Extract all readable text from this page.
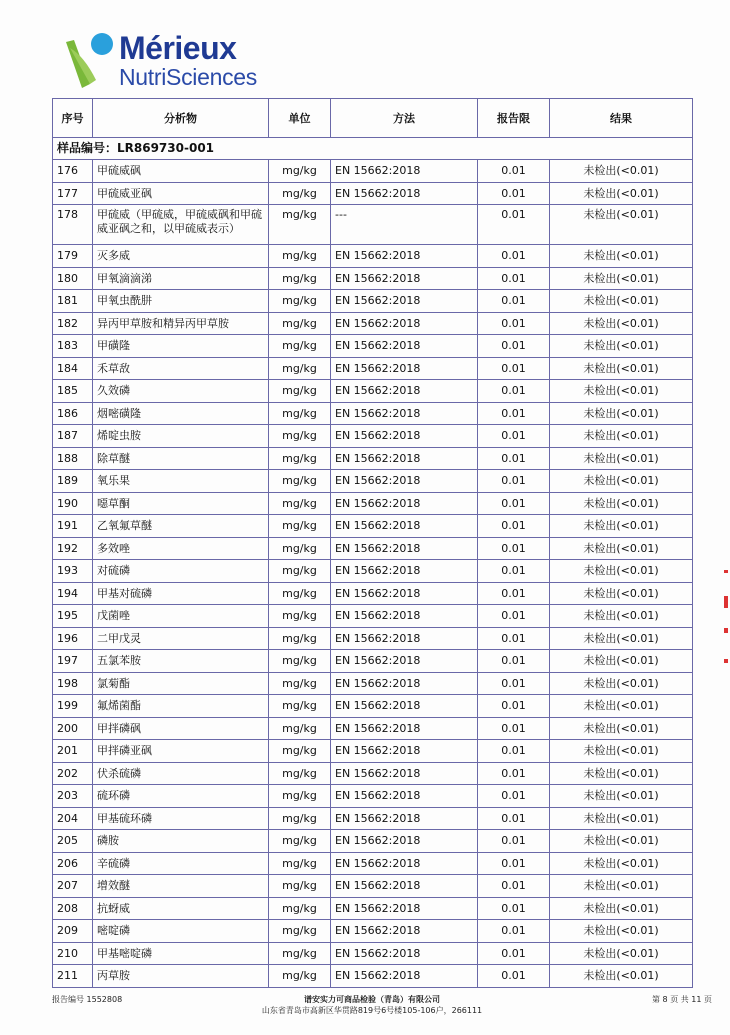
Mérieux
NutriSciences
序号	分析物	单位	方法	报告限	结果
样品编号：LR869730-001					
176	甲硫威砜	mg/kg	EN 15662:2018	0.01	未检出(<0.01)
177	甲硫威亚砜	mg/kg	EN 15662:2018	0.01	未检出(<0.01)
178	甲硫威（甲硫威，甲硫威砜和甲硫威亚砜之和，以甲硫威表示）	mg/kg	---	0.01	未检出(<0.01)
179	灭多威	mg/kg	EN 15662:2018	0.01	未检出(<0.01)
180	甲氧滴滴涕	mg/kg	EN 15662:2018	0.01	未检出(<0.01)
181	甲氧虫酰肼	mg/kg	EN 15662:2018	0.01	未检出(<0.01)
182	异丙甲草胺和精异丙甲草胺	mg/kg	EN 15662:2018	0.01	未检出(<0.01)
183	甲磺隆	mg/kg	EN 15662:2018	0.01	未检出(<0.01)
184	禾草敌	mg/kg	EN 15662:2018	0.01	未检出(<0.01)
185	久效磷	mg/kg	EN 15662:2018	0.01	未检出(<0.01)
186	烟嘧磺隆	mg/kg	EN 15662:2018	0.01	未检出(<0.01)
187	烯啶虫胺	mg/kg	EN 15662:2018	0.01	未检出(<0.01)
188	除草醚	mg/kg	EN 15662:2018	0.01	未检出(<0.01)
189	氧乐果	mg/kg	EN 15662:2018	0.01	未检出(<0.01)
190	噁草酮	mg/kg	EN 15662:2018	0.01	未检出(<0.01)
191	乙氧氟草醚	mg/kg	EN 15662:2018	0.01	未检出(<0.01)
192	多效唑	mg/kg	EN 15662:2018	0.01	未检出(<0.01)
193	对硫磷	mg/kg	EN 15662:2018	0.01	未检出(<0.01)
194	甲基对硫磷	mg/kg	EN 15662:2018	0.01	未检出(<0.01)
195	戊菌唑	mg/kg	EN 15662:2018	0.01	未检出(<0.01)
196	二甲戊灵	mg/kg	EN 15662:2018	0.01	未检出(<0.01)
197	五氯苯胺	mg/kg	EN 15662:2018	0.01	未检出(<0.01)
198	氯菊酯	mg/kg	EN 15662:2018	0.01	未检出(<0.01)
199	氟烯菌酯	mg/kg	EN 15662:2018	0.01	未检出(<0.01)
200	甲拌磷砜	mg/kg	EN 15662:2018	0.01	未检出(<0.01)
201	甲拌磷亚砜	mg/kg	EN 15662:2018	0.01	未检出(<0.01)
202	伏杀硫磷	mg/kg	EN 15662:2018	0.01	未检出(<0.01)
203	硫环磷	mg/kg	EN 15662:2018	0.01	未检出(<0.01)
204	甲基硫环磷	mg/kg	EN 15662:2018	0.01	未检出(<0.01)
205	磷胺	mg/kg	EN 15662:2018	0.01	未检出(<0.01)
206	辛硫磷	mg/kg	EN 15662:2018	0.01	未检出(<0.01)
207	增效醚	mg/kg	EN 15662:2018	0.01	未检出(<0.01)
208	抗蚜威	mg/kg	EN 15662:2018	0.01	未检出(<0.01)
209	嘧啶磷	mg/kg	EN 15662:2018	0.01	未检出(<0.01)
210	甲基嘧啶磷	mg/kg	EN 15662:2018	0.01	未检出(<0.01)
211	丙草胺	mg/kg	EN 15662:2018	0.01	未检出(<0.01)
报告编号 1552808	谱安实力可商品检验（青岛）有限公司
山东省青岛市高新区华贯路819号6号楼105-106户，266111
第 8 页 共 11 页
